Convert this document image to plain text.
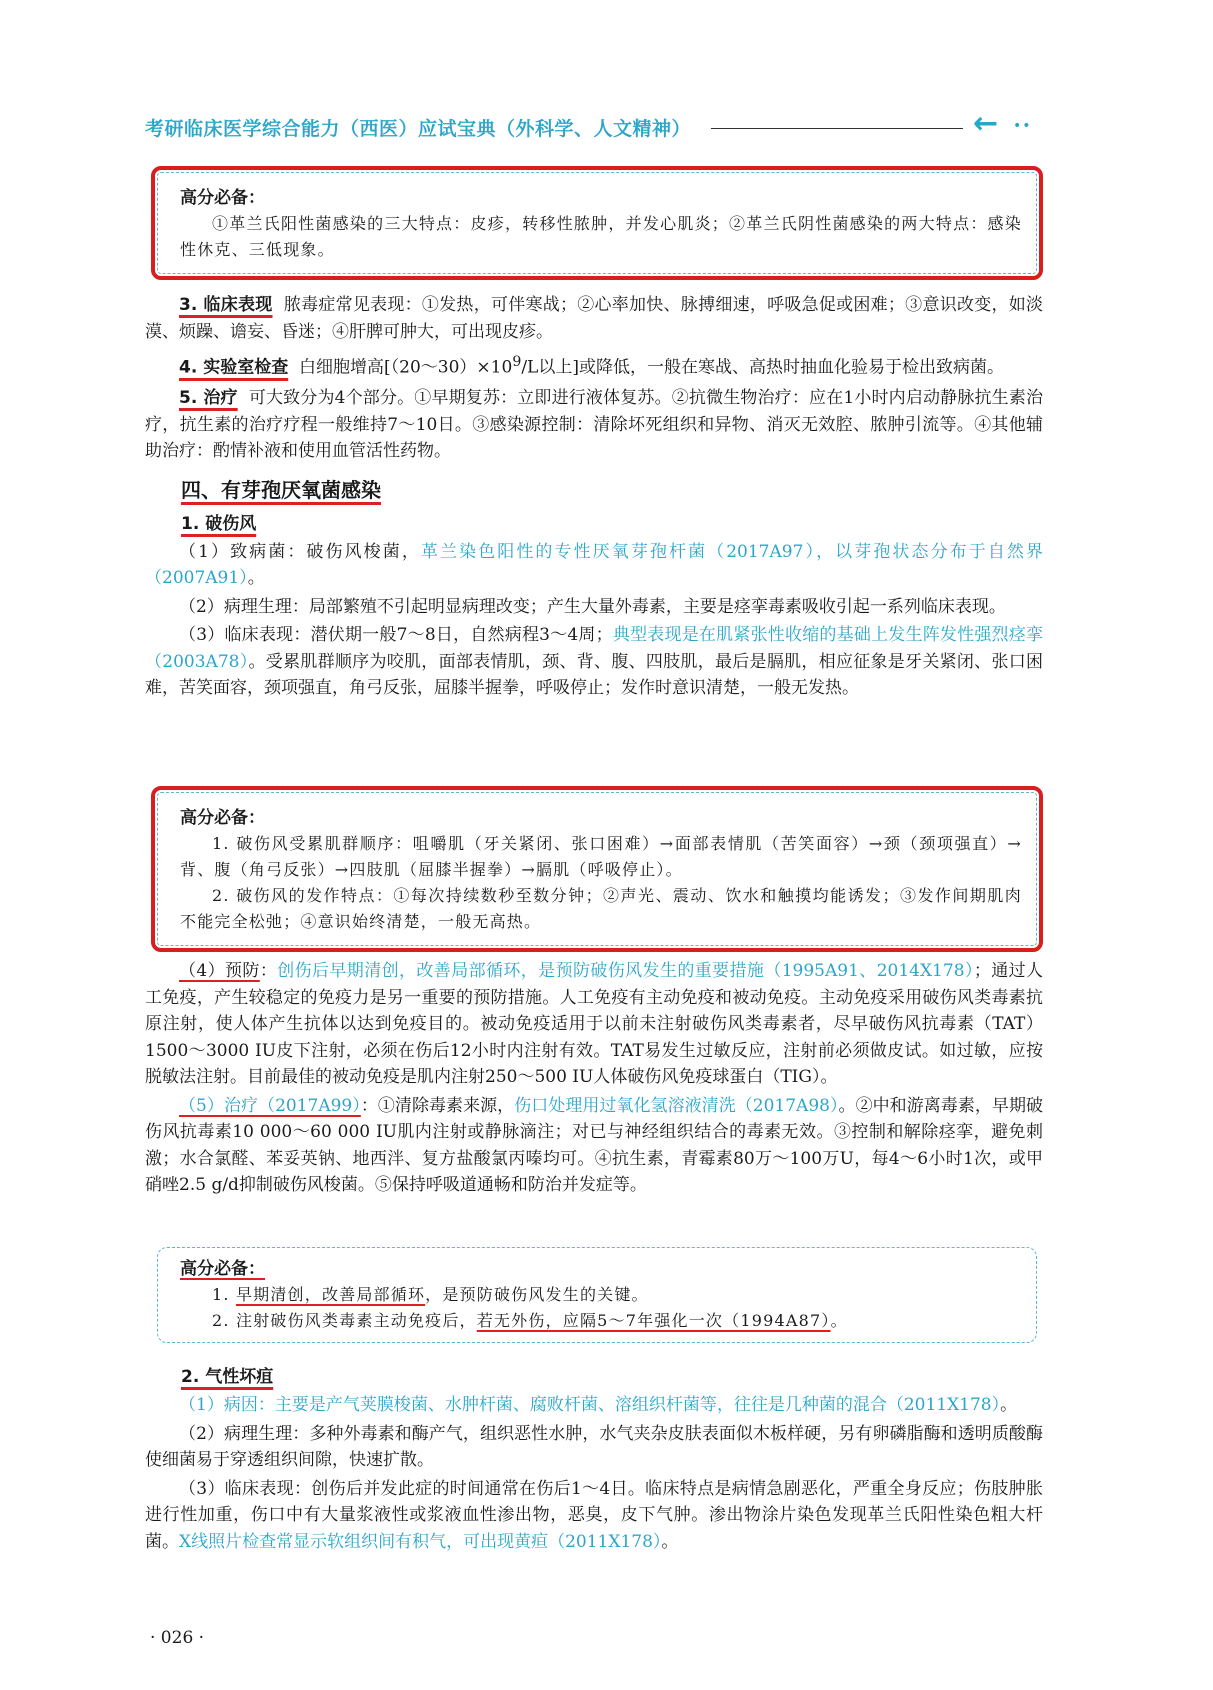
考研临床医学综合能力（西医）应试宝典（外科学、人文精神）	← ••
高分必备：
①革兰氏阳性菌感染的三大特点：皮疹，转移性脓肿，并发心肌炎；②革兰氏阴性菌感染的两大特点：感染性休克、三低现象。

3. 临床表现 脓毒症常见表现：①发热，可伴寒战；②心率加快、脉搏细速，呼吸急促或困难；③意识改变，如淡漠、烦躁、谵妄、昏迷；④肝脾可肿大，可出现皮疹。

4. 实验室检查 白细胞增高[$(20\sim 30)\times 10^9/L$以上]或降低，一般在寒战、高热时抽血化验易于检出致病菌。

5. 治疗 可大致分为4个部分。①早期复苏：立即进行液体复苏。②抗微生物治疗：应在1小时内启动静脉抗生素治疗，抗生素的治疗疗程一般维持7～10日。③感染源控制：清除坏死组织和异物、消灭无效腔、脓肿引流等。④其他辅助治疗：酌情补液和使用血管活性药物。

四、有芽孢厌氧菌感染
1. 破伤风

（1）致病菌：破伤风梭菌，革兰染色阳性的专性厌氧芽孢杆菌（2017A97），以芽孢状态分布于自然界（2007A91）。

（2）病理生理：局部繁殖不引起明显病理改变；产生大量外毒素，主要是痉挛毒素吸收引起一系列临床表现。

（3）临床表现：潜伏期一般7～8日，自然病程3～4周；典型表现是在肌紧张性收缩的基础上发生阵发性强烈痉挛（2003A78）。受累肌群顺序为咬肌，面部表情肌，颈、背、腹、四肢肌，最后是膈肌，相应征象是牙关紧闭、张口困难，苦笑面容，颈项强直，角弓反张，屈膝半握拳，呼吸停止；发作时意识清楚，一般无发热。

高分必备：
1. 破伤风受累肌群顺序：咀嚼肌（牙关紧闭、张口困难）→面部表情肌（苦笑面容）→颈（颈项强直）→背、腹（角弓反张）→四肢肌（屈膝半握拳）→膈肌（呼吸停止）。
2. 破伤风的发作特点：①每次持续数秒至数分钟；②声光、震动、饮水和触摸均能诱发；③发作间期肌肉不能完全松弛；④意识始终清楚，一般无高热。

（4）预防：创伤后早期清创，改善局部循环，是预防破伤风发生的重要措施（1995A91、2014X178）；通过人工免疫，产生较稳定的免疫力是另一重要的预防措施。人工免疫有主动免疫和被动免疫。主动免疫采用破伤风类毒素抗原注射，使人体产生抗体以达到免疫目的。被动免疫适用于以前未注射破伤风类毒素者，尽早破伤风抗毒素（TAT）1500～3000 IU皮下注射，必须在伤后12小时内注射有效。TAT易发生过敏反应，注射前必须做皮试。如过敏，应按脱敏法注射。目前最佳的被动免疫是肌内注射250～500 IU人体破伤风免疫球蛋白（TIG）。

（5）治疗（2017A99）：①清除毒素来源，伤口处理用过氧化氢溶液清洗（2017A98）。②中和游离毒素，早期破伤风抗毒素10 000～60 000 IU肌内注射或静脉滴注；对已与神经组织结合的毒素无效。③控制和解除痉挛，避免刺激；水合氯醛、苯妥英钠、地西泮、复方盐酸氯丙嗪均可。④抗生素，青霉素80万～100万U，每4～6小时1次，或甲硝唑2.5 g/d抑制破伤风梭菌。⑤保持呼吸道通畅和防治并发症等。

高分必备：
1. 早期清创，改善局部循环，是预防破伤风发生的关键。
2. 注射破伤风类毒素主动免疫后，若无外伤，应隔5～7年强化一次（1994A87）。
2. 气性坏疽

（1）病因：主要是产气荚膜梭菌、水肿杆菌、腐败杆菌、溶组织杆菌等，往往是几种菌的混合（2011X178）。

（2）病理生理：多种外毒素和酶产气，组织恶性水肿，水气夹杂皮肤表面似木板样硬，另有卵磷脂酶和透明质酸酶使细菌易于穿透组织间隙，快速扩散。

（3）临床表现：创伤后并发此症的时间通常在伤后1～4日。临床特点是病情急剧恶化，严重全身反应；伤肢肿胀进行性加重，伤口中有大量浆液性或浆液血性渗出物，恶臭，皮下气肿。渗出物涂片染色发现革兰氏阳性染色粗大杆菌。X线照片检查常显示软组织间有积气，可出现黄疸（2011X178）。

· 026 ·
